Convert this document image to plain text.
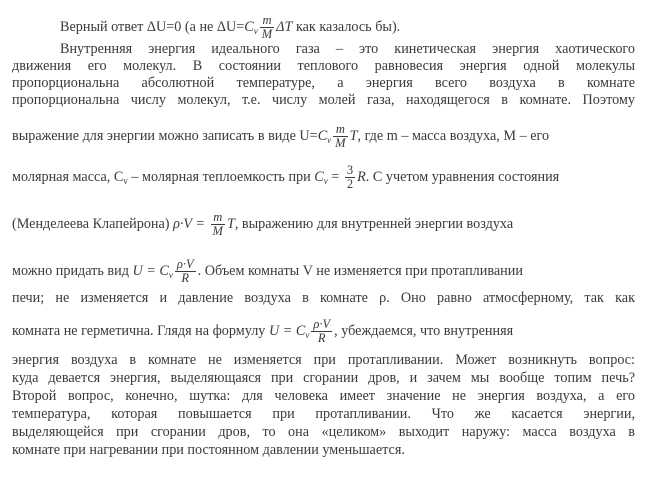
Верный ответ ΔU=0 (а не $\Delta U=C_v \frac{m}{M}$ ΔT как казалось бы).
Внутренняя энергия идеального газа – это кинетическая энергия хаотического
движения его молекул. В состоянии теплового равновесия энергия одной молекулы
пропорциональна абсолютной температуре, а энергия всего воздуха в комнате
пропорциональна числу молекул, т.е. числу молей газа, находящегося в комнате. Поэтому
выражение для энергии можно записать в виде $U=C_v \frac{m}{M} T$, где m – масса воздуха, М – его
молярная масса, $C_v$ – молярная теплоемкость при $C_v = \frac{3}{2} R$. С учетом уравнения состояния
(Менделеева Клапейрона) $\rho\cdot V = \frac{m}{M} T$, выражению для внутренней энергии воздуха
можно придать вид $U = C_v \frac{\rho\cdot V}{R}$ . Объем комнаты V не изменяется при протапливании
печи; не изменяется и давление воздуха в комнате ρ. Оно равно атмосферному, так как
комната не герметична. Глядя на формулу $U = C_v \frac{\rho\cdot V}{R}$ , убеждаемся, что внутренняя
энергия воздуха в комнате не изменяется при протапливании. Может возникнуть вопрос:
куда девается энергия, выделяющаяся при сгорании дров, и зачем мы вообще топим печь?
Второй вопрос, конечно, шутка: для человека имеет значение не энергия воздуха, а его
температура, которая повышается при протапливании. Что же касается энергии,
выделяющейся при сгорании дров, то она «целиком» выходит наружу: масса воздуха в
комнате при нагревании при постоянном давлении уменьшается.
